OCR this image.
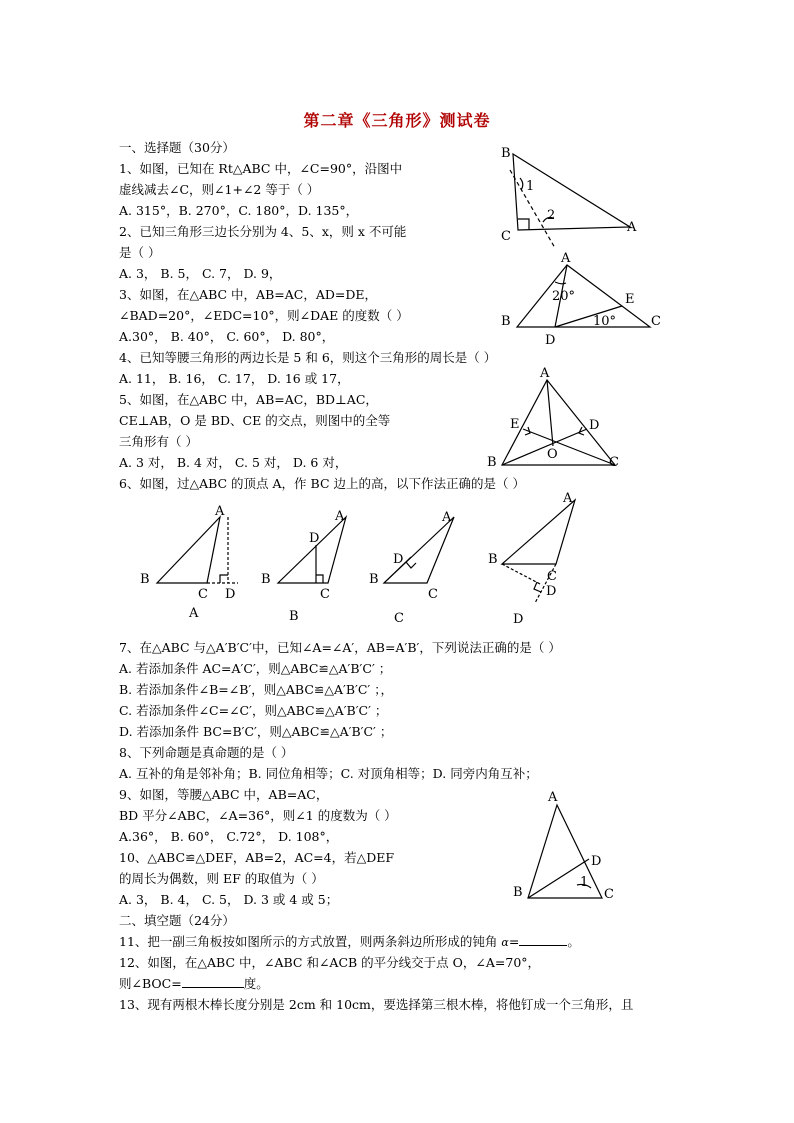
第二章《三角形》测试卷
一、选择题（30分）
1、如图，已知在 Rt△ABC 中，∠C=90°，沿图中
虚线减去∠C，则∠1+∠2 等于（ ）
A. 315°，B. 270°，C. 180°，D. 135°，
2、已知三角形三边长分别为 4、5、x，则 x 不可能
是（ ）
A. 3， B. 5， C. 7， D. 9，
3、如图，在△ABC 中，AB=AC，AD=DE，
∠BAD=20°，∠EDC=10°，则∠DAE 的度数（ ）
A.30°， B. 40°， C. 60°， D. 80°，
4、已知等腰三角形的两边长是 5 和 6，则这个三角形的周长是（ ）
A. 11， B. 16， C. 17， D. 16 或 17，
5、如图，在△ABC 中，AB=AC，BD⊥AC，
CE⊥AB，O 是 BD、CE 的交点，则图中的全等
三角形有（ ）
A. 3 对， B. 4 对， C. 5 对， D. 6 对，
6、如图，过△ABC 的顶点 A，作 BC 边上的高，以下作法正确的是（ ）
7、在△ABC 与△A′B′C′中，已知∠A=∠A′，AB=A′B′，下列说法正确的是（ ）
A. 若添加条件 AC=A′C′，则△ABC≌△A′B′C′ ；
B. 若添加条件∠B=∠B′，则△ABC≌△A′B′C′ ；，
C. 若添加条件∠C=∠C′，则△ABC≌△A′B′C′ ；
D. 若添加条件 BC=B′C′，则△ABC≌△A′B′C′ ；
8、下列命题是真命题的是（ ）
A. 互补的角是邻补角；B. 同位角相等；C. 对顶角相等；D. 同旁内角互补；
9、如图，等腰△ABC 中，AB=AC，
BD 平分∠ABC，∠A=36°，则∠1 的度数为（ ）
A.36°， B. 60°， C.72°， D. 108°，
10、△ABC≌△DEF，AB=2，AC=4，若△DEF
的周长为偶数，则 EF 的取值为（ ）
A. 3， B. 4， C. 5， D. 3 或 4 或 5；
二、填空题（24分）
11、把一副三角板按如图所示的方式放置，则两条斜边所形成的钝角 α=	。
12、如图，在△ABC 中，∠ABC 和∠ACB 的平分线交于点 O，∠A=70°，
则∠BOC=	度。
13、现有两根木棒长度分别是 2cm 和 10cm，要选择第三根木棒，将他钉成一个三角形，且
B
C
A
1
2
A
B	C
D
E
20°
10°
A
B	C
E	D
O
A
B
C D
A
A
D
B
C
B
A
D
B
C
C
A
B
C
D
D
A
B	C
D
1
